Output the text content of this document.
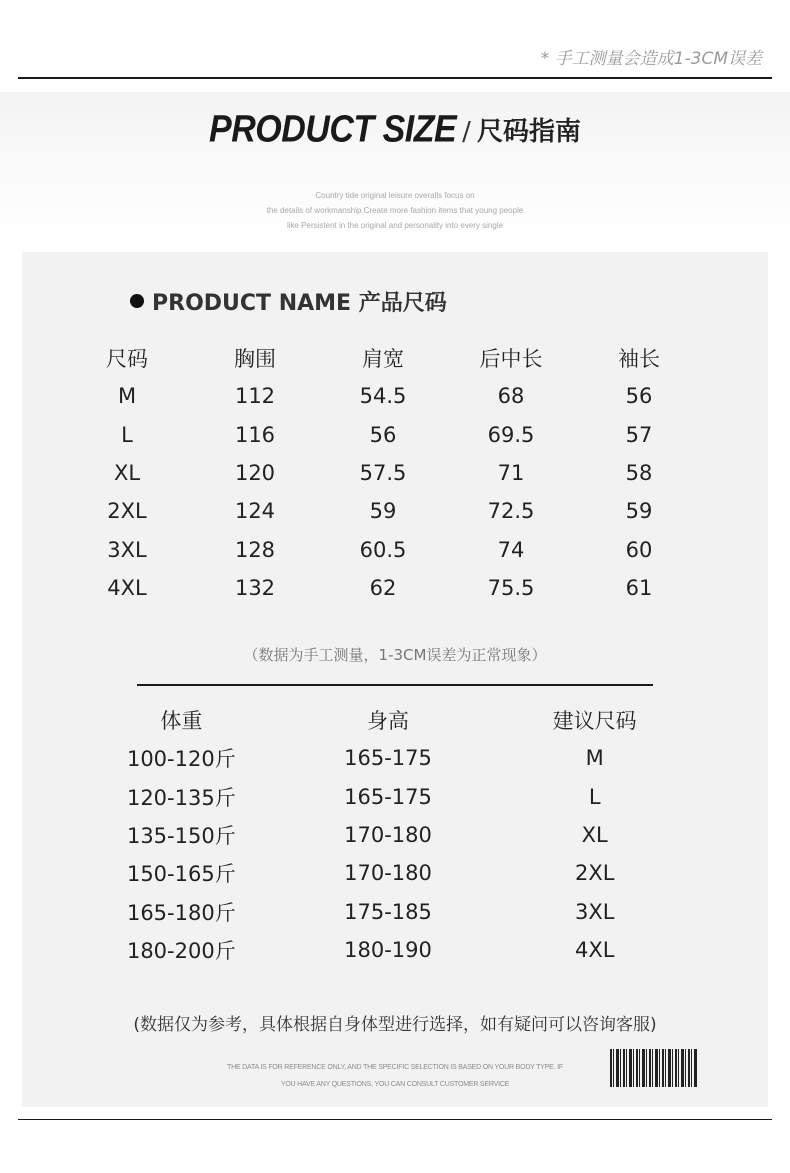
* 手工测量会造成1-3CM误差
PRODUCT SIZE / 尺码指南
Country tide original leisure overalls focus on
the details of workmanship Create more fashion items that young people
like Persistent in the original and personality into every single
PRODUCT NAME 产品尺码
尺码	胸围	肩宽	后中长	袖长
M	112	54.5	68	56
L	116	56	69.5	57
XL	120	57.5	71	58
2XL	124	59	72.5	59
3XL	128	60.5	74	60
4XL	132	62	75.5	61
（数据为手工测量，1-3CM误差为正常现象）
体重	身高	建议尺码
100-120斤	165-175	M
120-135斤	165-175	L
135-150斤	170-180	XL
150-165斤	170-180	2XL
165-180斤	175-185	3XL
180-200斤	180-190	4XL
(数据仅为参考，具体根据自身体型进行选择，如有疑问可以咨询客服)
THE DATA IS FOR REFERENCE ONLY, AND THE SPECIFIC SELECTION IS BASED ON YOUR BODY TYPE. IF
YOU HAVE ANY QUESTIONS, YOU CAN CONSULT CUSTOMER SERVICE
